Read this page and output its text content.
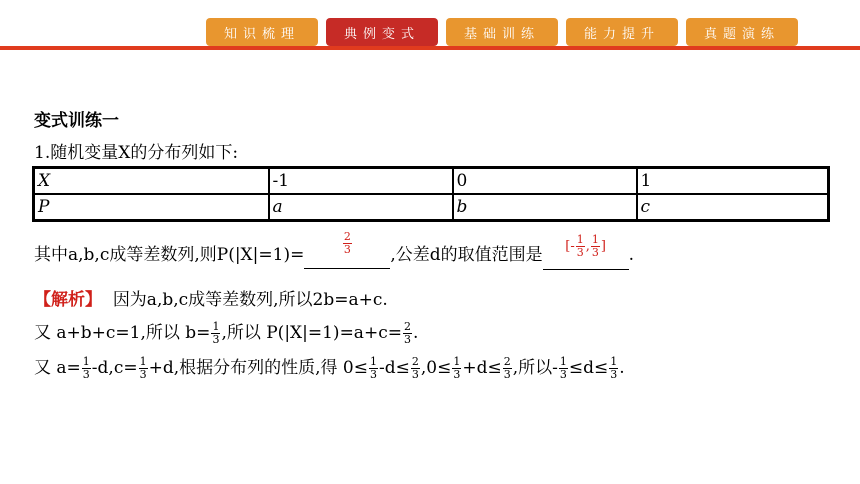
知识梳理	典例变式	基础训练	能力提升	真题演练
变式训练一
1.随机变量X的分布列如下:
X	-1	0	1
P	a	b	c
其中a,b,c成等差数列,则P(|X|=1)=	$\frac{2}{3}$ ,公差d的取值范围是 [- 1
3 , 1
3 ] .
【解析】 因为a,b,c成等差数列,所以2b=a+c.
又 a+b+c=1,所以 $b= \frac{1}{3}$ ,所以 $P(|X|=1)=a+c= \frac{2}{3}$ .
又 $a= \frac{1}{3} -d,c= \frac{1}{3} +d$,根据分布列的性质,得 $0\le \frac{1}{3} -d\le \frac{2}{3} ,0\le \frac{1}{3} +d\le \frac{2}{3}$ ,所以- $\frac{1}{3} \le d\le \frac{1}{3}$ .
